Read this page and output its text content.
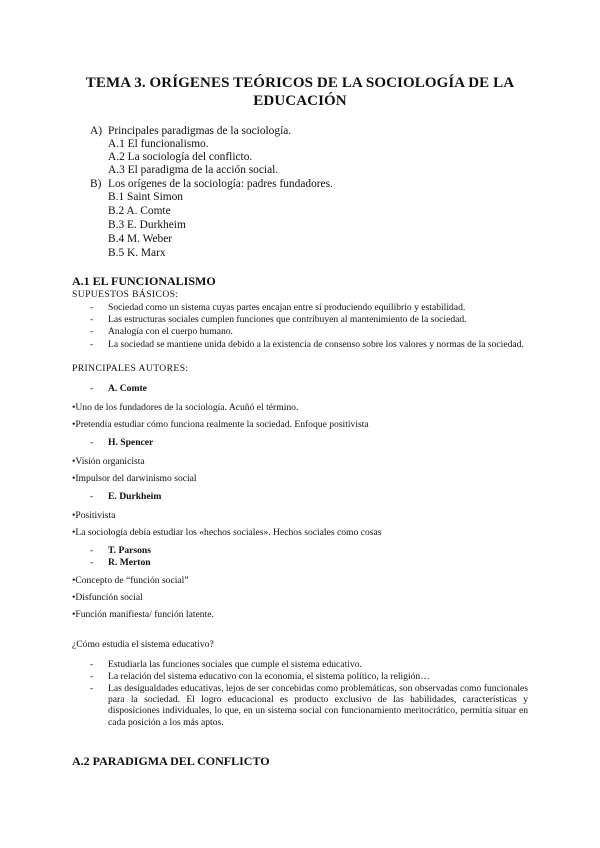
TEMA 3. ORÍGENES TEÓRICOS DE LA SOCIOLOGÍA DE LA
EDUCACIÓN
A) Principales paradigmas de la sociología.
A.1 El funcionalismo.
A.2 La sociología del conflicto.
A.3 El paradigma de la acción social.
B) Los orígenes de la sociología: padres fundadores.
B.1 Saint Simon
B.2 A. Comte
B.3 E. Durkheim
B.4 M. Weber
B.5 K. Marx
A.1 EL FUNCIONALISMO
SUPUESTOS BÁSICOS:
- Sociedad como un sistema cuyas partes encajan entre sí produciendo equilibrio y estabilidad.
- Las estructuras sociales cumplen funciones que contribuyen al mantenimiento de la sociedad.
- Analogía con el cuerpo humano.
- La sociedad se mantiene unida debido a la existencia de consenso sobre los valores y normas de la sociedad.
PRINCIPALES AUTORES:
- A. Comte
•Uno de los fundadores de la sociología. Acuñó el término.
•Pretendía estudiar cómo funciona realmente la sociedad. Enfoque positivista
- H. Spencer
•Visión organicista
•Impulsor del darwinismo social
- E. Durkheim
•Positivista
•La sociología debía estudiar los «hechos sociales». Hechos sociales como cosas
- T. Parsons
- R. Merton
•Concepto de “función social”
•Disfunción social
•Función manifiesta/ función latente.
¿Cómo estudia el sistema educativo?
- Estudiarla las funciones sociales que cumple el sistema educativo.
- La relación del sistema educativo con la economía, el sistema político, la religión…
- Las desigualdades educativas, lejos de ser concebidas como problemáticas, son observadas como funcionales para la sociedad. El logro educacional es producto exclusivo de las habilidades, características y disposiciones individuales, lo que, en un sistema social con funcionamiento meritocrático, permitía situar en cada posición a los más aptos.
A.2 PARADIGMA DEL CONFLICTO
